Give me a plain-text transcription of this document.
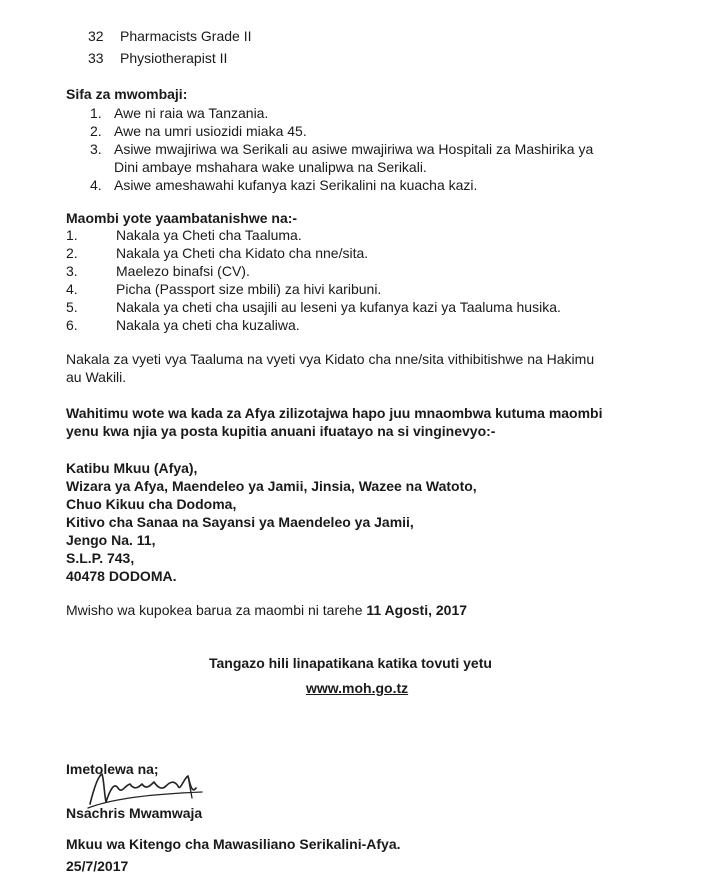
32 Pharmacists Grade II
33 Physiotherapist II
Sifa za mwombaji:
1. Awe ni raia wa Tanzania.
2. Awe na umri usiozidi miaka 45.
3. Asiwe mwajiriwa wa Serikali au asiwe mwajiriwa wa Hospitali za Mashirika ya
Dini ambaye mshahara wake unalipwa na Serikali.
4. Asiwe ameshawahi kufanya kazi Serikalini na kuacha kazi.
Maombi yote yaambatanishwe na:-
1.	Nakala ya Cheti cha Taaluma.
2.	Nakala ya Cheti cha Kidato cha nne/sita.
3.	Maelezo binafsi (CV).
4.	Picha (Passport size mbili) za hivi karibuni.
5.	Nakala ya cheti cha usajili au leseni ya kufanya kazi ya Taaluma husika.
6.	Nakala ya cheti cha kuzaliwa.
Nakala za vyeti vya Taaluma na vyeti vya Kidato cha nne/sita vithibitishwe na Hakimu
au Wakili.
Wahitimu wote wa kada za Afya zilizotajwa hapo juu mnaombwa kutuma maombi
yenu kwa njia ya posta kupitia anuani ifuatayo na si vinginevyo:-
Katibu Mkuu (Afya),
Wizara ya Afya, Maendeleo ya Jamii, Jinsia, Wazee na Watoto,
Chuo Kikuu cha Dodoma,
Kitivo cha Sanaa na Sayansi ya Maendeleo ya Jamii,
Jengo Na. 11,
S.L.P. 743,
40478 DODOMA.
Mwisho wa kupokea barua za maombi ni tarehe 11 Agosti, 2017
Tangazo hili linapatikana katika tovuti yetu
www.moh.go.tz
Imetolewa na;
Nsachris Mwamwaja
Mkuu wa Kitengo cha Mawasiliano Serikalini-Afya.
25/7/2017
